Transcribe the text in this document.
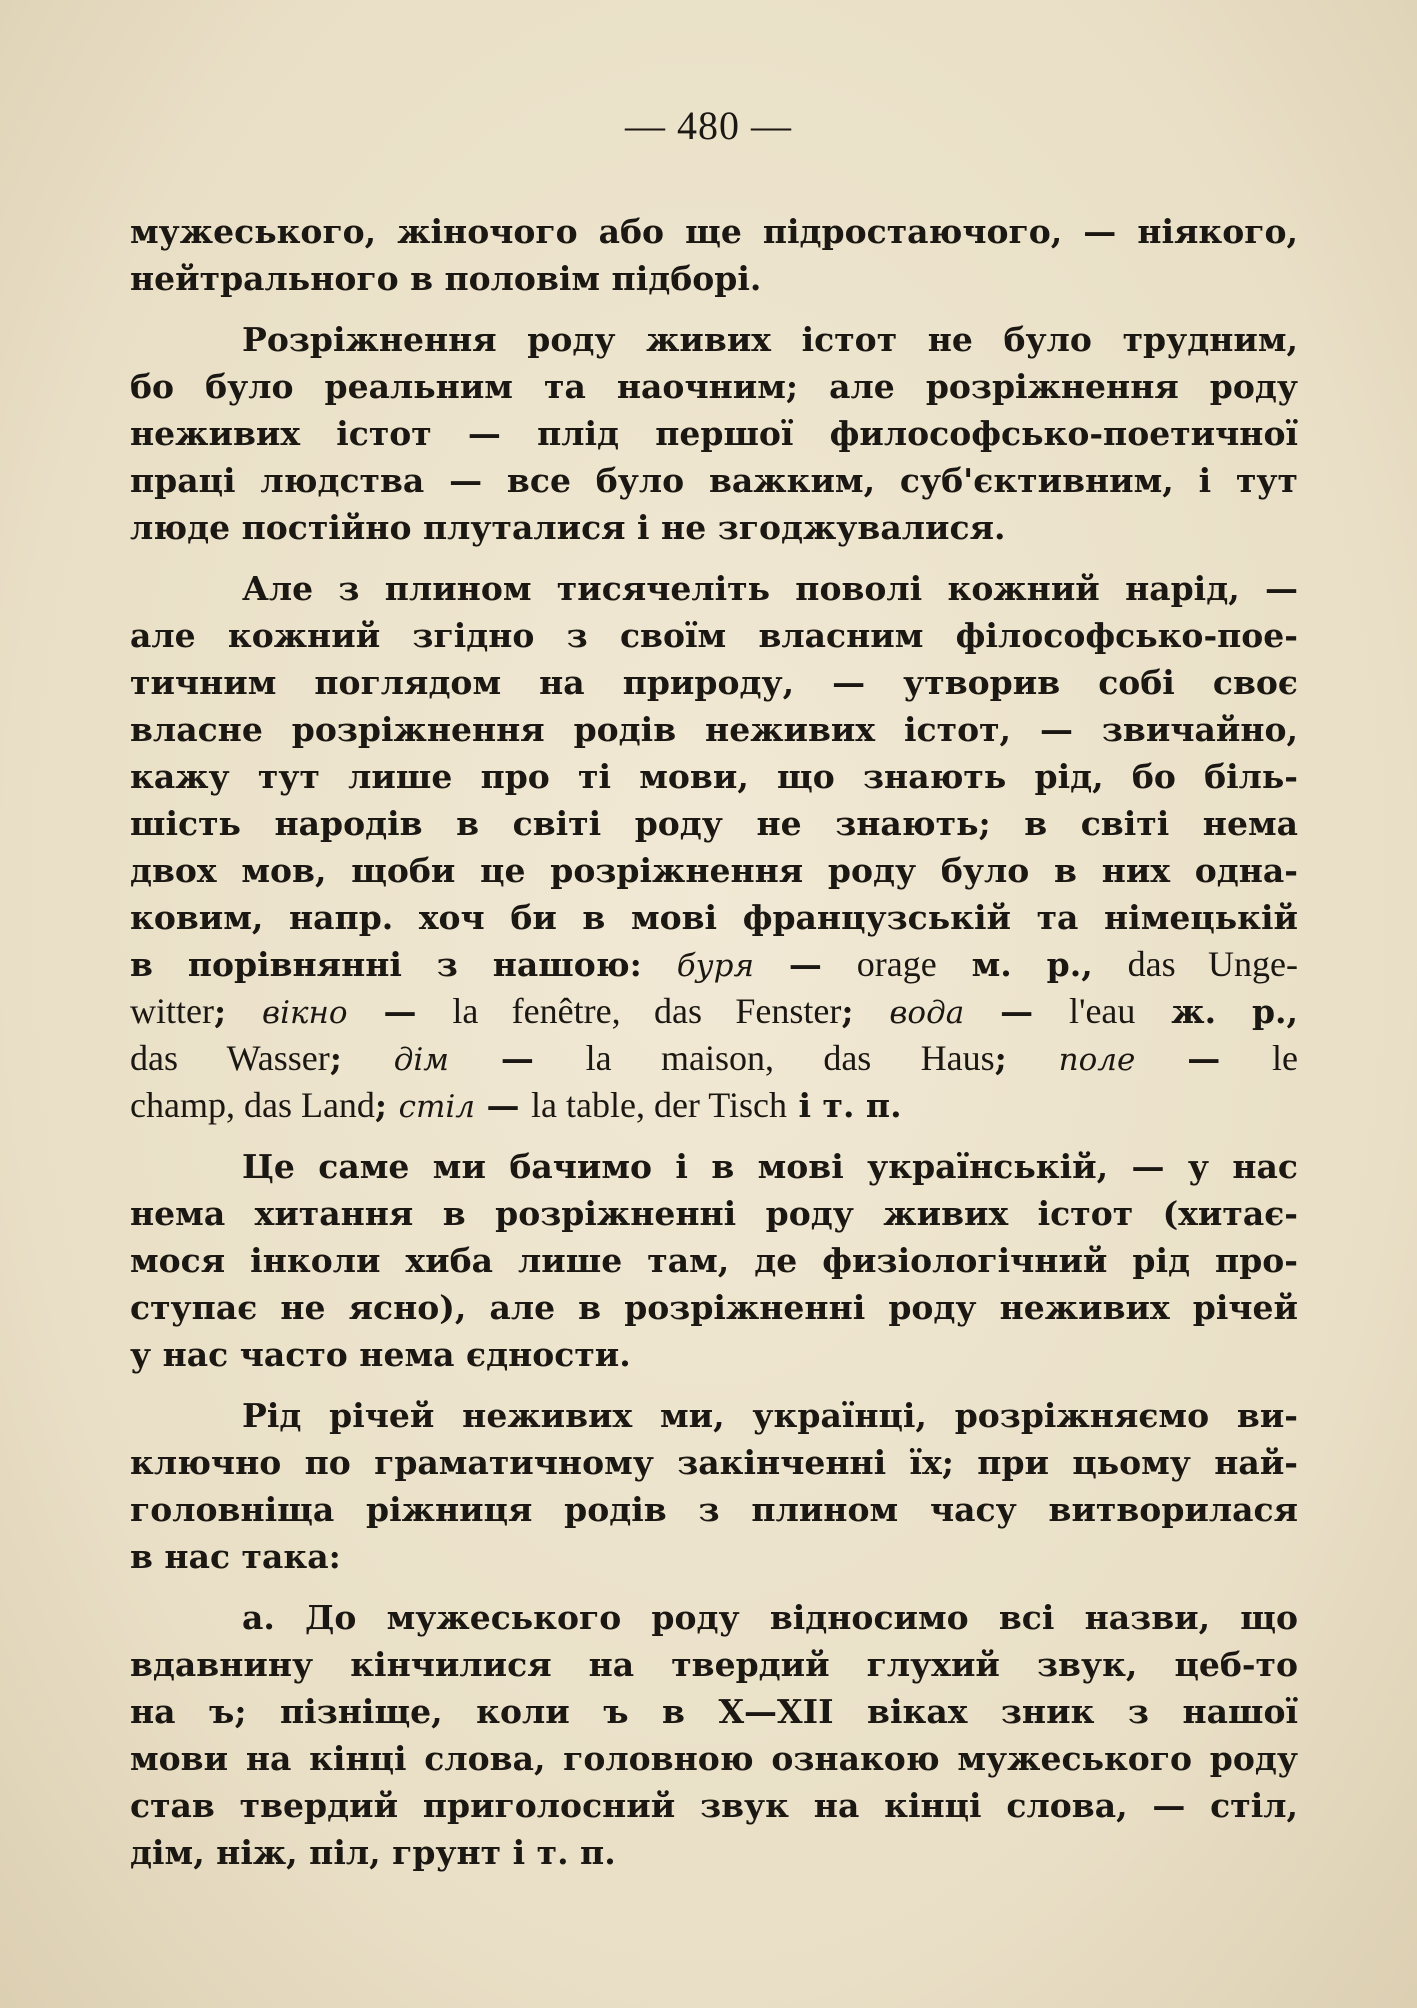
— 480 —
мужеського, жіночого або ще підростаючого, — ніякого,
нейтрального в половім підборі.
Розріжнення роду живих істот не було трудним,
бо було реальним та наочним; але розріжнення роду
неживих істот — плід першої философсько-поетичної
праці людства — все було важким, суб'єктивним, і тут
люде постійно плуталися і не згоджувалися.
Але з плином тисячеліть поволі кожний нарід, —
але кожний згідно з своїм власним філософсько-пое-
тичним поглядом на природу, — утворив собі своє
власне розріжнення родів неживих істот, — звичайно,
кажу тут лише про ті мови, що знають рід, бо біль-
шість народів в світі роду не знають; в світі нема
двох мов, щоби це розріжнення роду було в них одна-
ковим, напр. хоч би в мові французській та німецькій
в порівнянні з нашою: буря — orage м. р., das Unge-
witter; вікно — la fenêtre, das Fenster; вода — l'eau ж. р.,
das Wasser; дім — la maison, das Haus; поле — le
champ, das Land; стіл — la table, der Tisch і т. п.
Це саме ми бачимо і в мові українській, — у нас
нема хитання в розріжненні роду живих істот (хитає-
мося інколи хиба лише там, де физіологічний рід про-
ступає не ясно), але в розріжненні роду неживих річей
у нас часто нема єдности.
Рід річей неживих ми, українці, розріжняємо ви-
ключно по граматичному закінченні їх; при цьому най-
головніща ріжниця родів з плином часу витворилася
в нас така:
а. До мужеського роду відносимо всі назви, що
вдавнину кінчилися на твердий глухий звук, цеб-то
на ъ; пізніще, коли ъ в X—XII віках зник з нашої
мови на кінці слова, головною ознакою мужеського роду
став твердий приголосний звук на кінці слова, — стіл,
дім, ніж, піл, грунт і т. п.
